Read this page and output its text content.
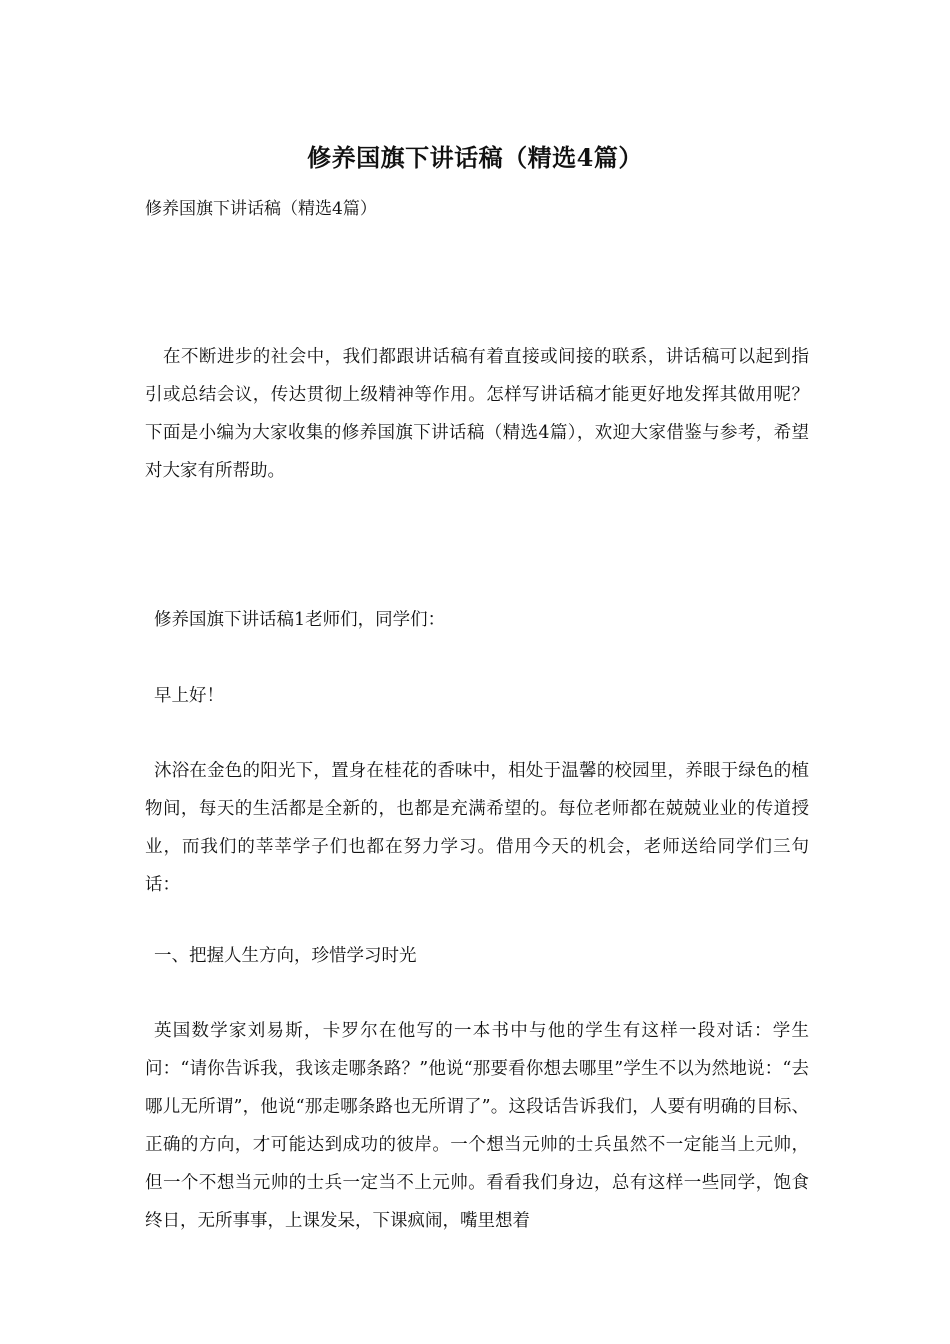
修养国旗下讲话稿（精选4篇）
修养国旗下讲话稿（精选4篇）

在不断进步的社会中，我们都跟讲话稿有着直接或间接的联系，讲话稿可以起到指引或总结会议，传达贯彻上级精神等作用。怎样写讲话稿才能更好地发挥其做用呢？下面是小编为大家收集的修养国旗下讲话稿（精选4篇），欢迎大家借鉴与参考，希望对大家有所帮助。

修养国旗下讲话稿1老师们，同学们：

早上好！

沐浴在金色的阳光下，置身在桂花的香味中，相处于温馨的校园里，养眼于绿色的植物间，每天的生活都是全新的，也都是充满希望的。每位老师都在兢兢业业的传道授业，而我们的莘莘学子们也都在努力学习。借用今天的机会，老师送给同学们三句话：

一、把握人生方向，珍惜学习时光

英国数学家刘易斯，卡罗尔在他写的一本书中与他的学生有这样一段对话：学生问：“请你告诉我，我该走哪条路？”他说“那要看你想去哪里”学生不以为然地说：“去哪儿无所谓”，他说“那走哪条路也无所谓了”。这段话告诉我们，人要有明确的目标、正确的方向，才可能达到成功的彼岸。一个想当元帅的士兵虽然不一定能当上元帅，但一个不想当元帅的士兵一定当不上元帅。看看我们身边，总有这样一些同学，饱食终日，无所事事，上课发呆，下课疯闹，嘴里想着
